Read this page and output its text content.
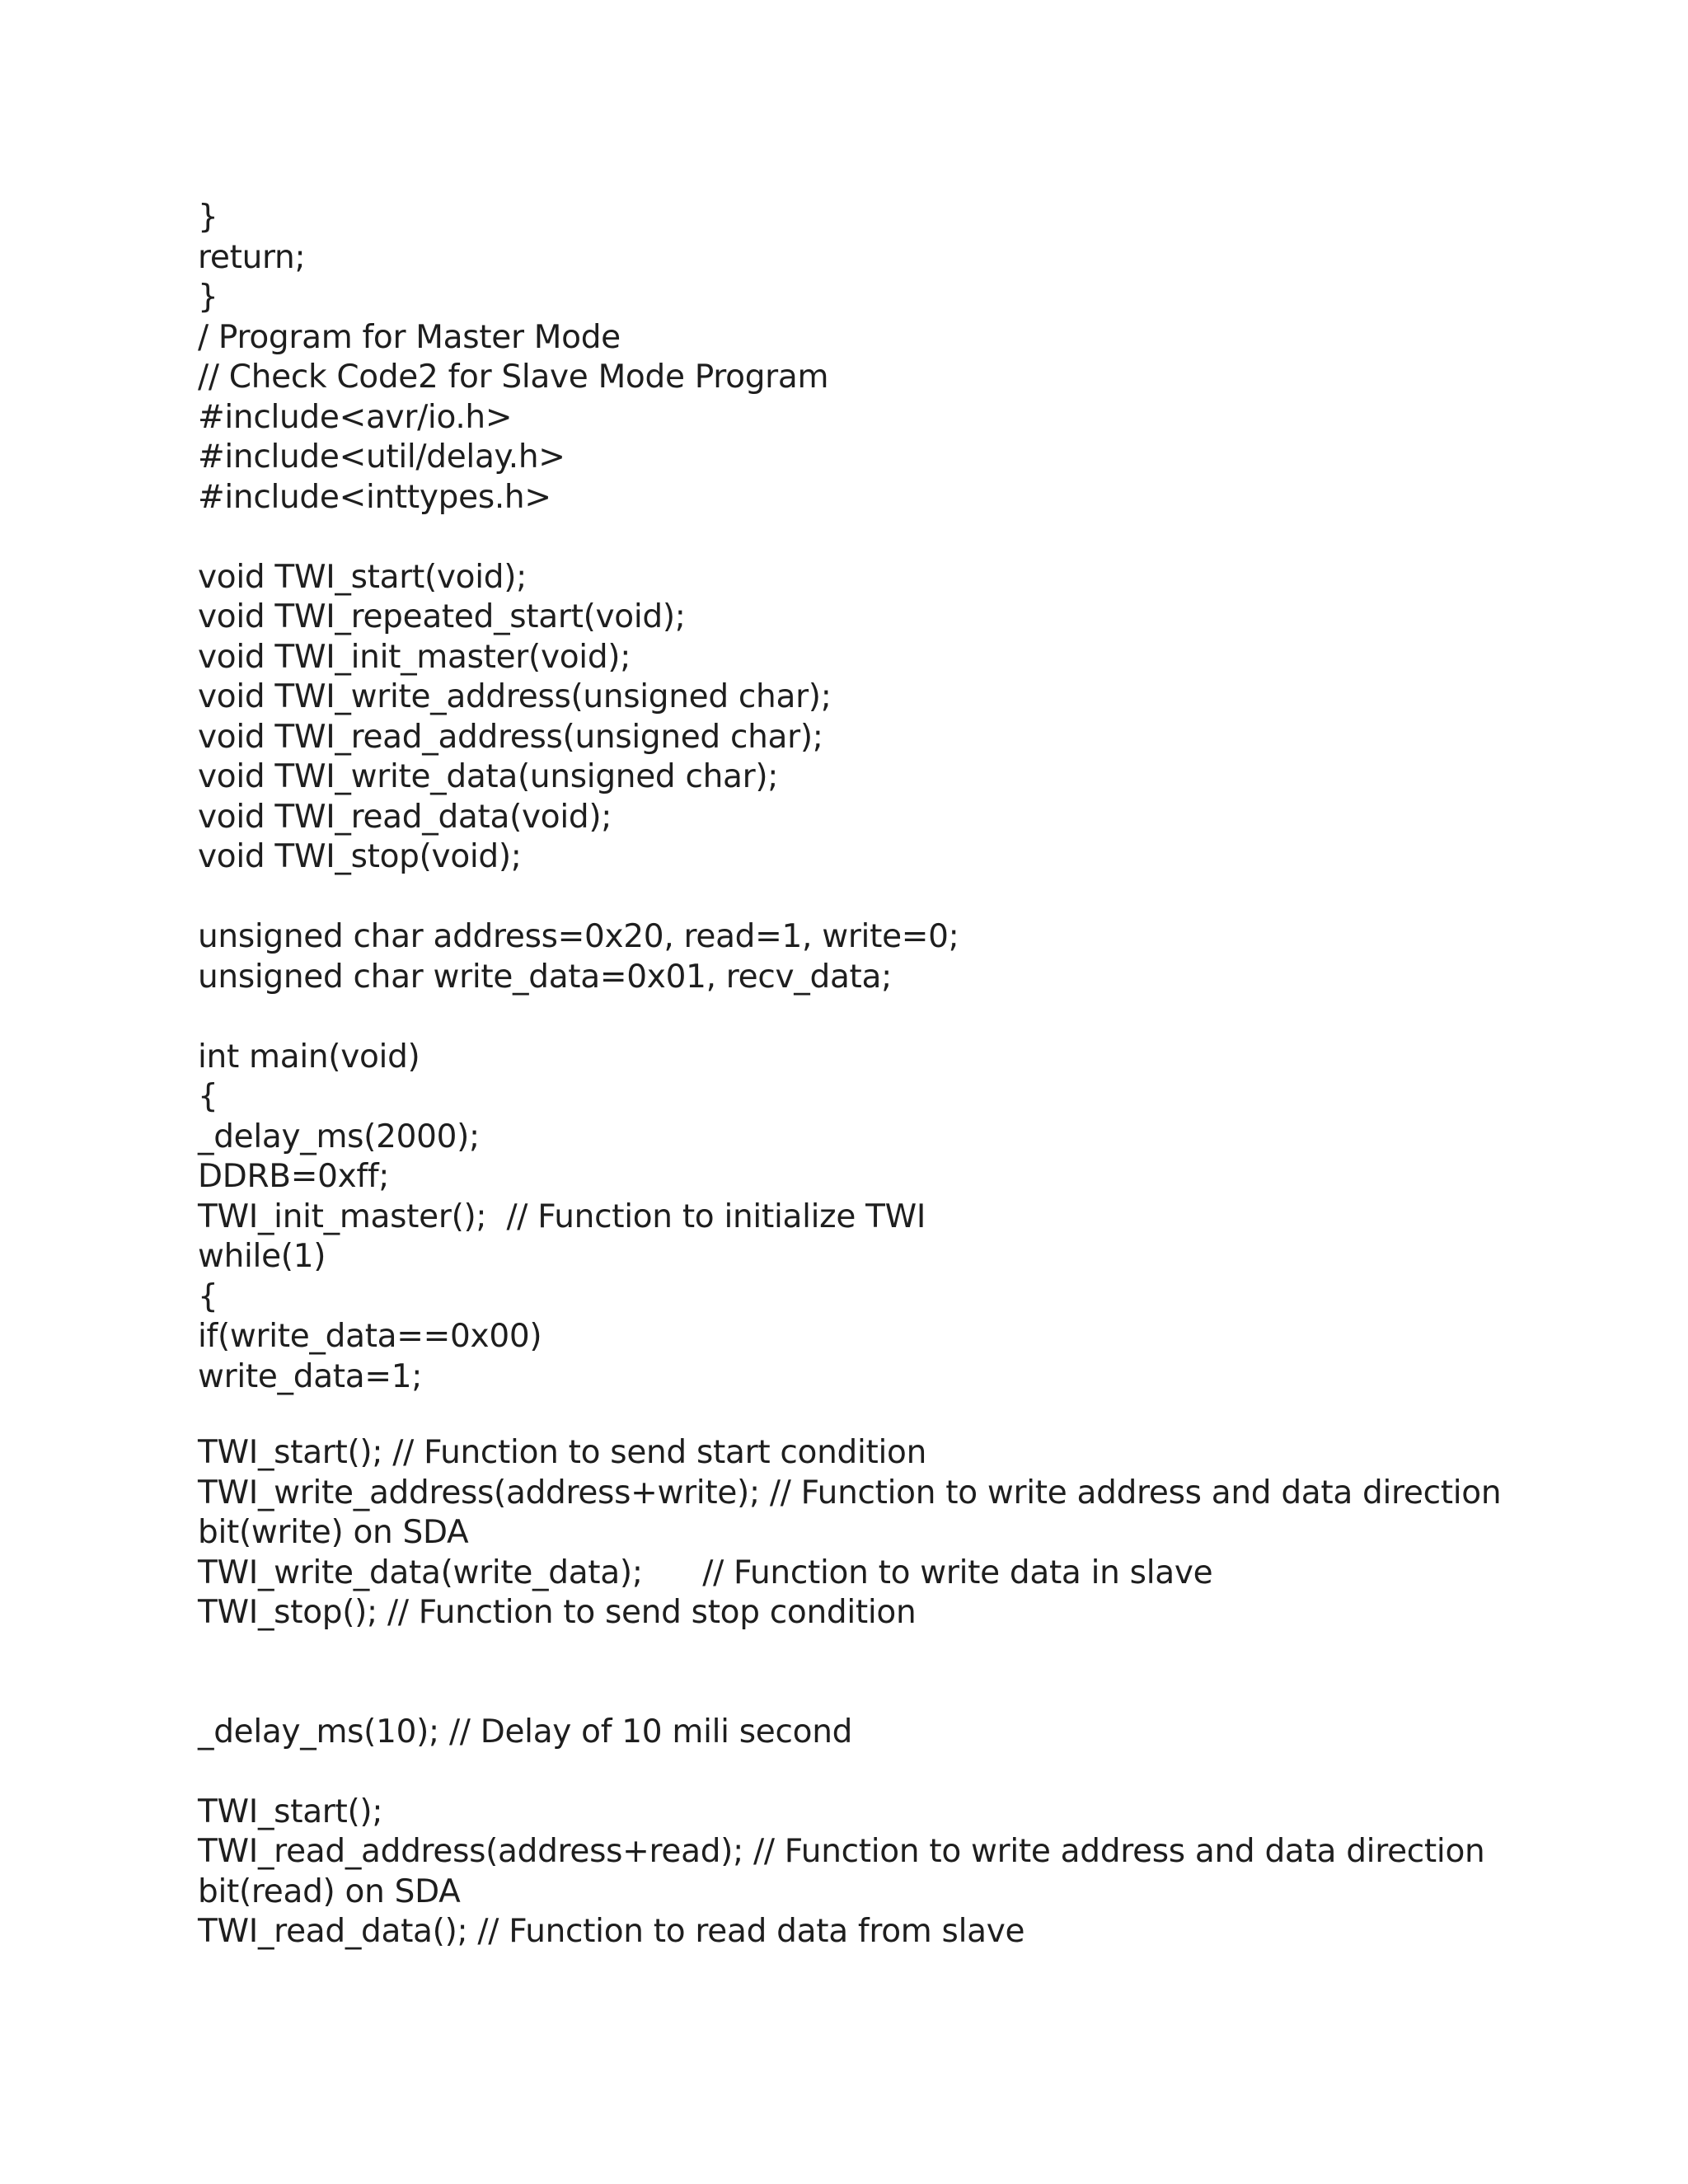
}
return;
}
/ Program for Master Mode
// Check Code2 for Slave Mode Program
#include<avr/io.h>
#include<util/delay.h>
#include<inttypes.h>
void TWI_start(void);
void TWI_repeated_start(void);
void TWI_init_master(void);
void TWI_write_address(unsigned char);
void TWI_read_address(unsigned char);
void TWI_write_data(unsigned char);
void TWI_read_data(void);
void TWI_stop(void);
unsigned char address=0x20, read=1, write=0;
unsigned char write_data=0x01, recv_data;
int main(void)
{
_delay_ms(2000);
DDRB=0xff;
TWI_init_master();  // Function to initialize TWI
while(1)
{
if(write_data==0x00)
write_data=1;
TWI_start(); // Function to send start condition
TWI_write_address(address+write); // Function to write address and data direction
bit(write) on SDA
TWI_write_data(write_data);      // Function to write data in slave
TWI_stop(); // Function to send stop condition
_delay_ms(10); // Delay of 10 mili second
TWI_start();
TWI_read_address(address+read); // Function to write address and data direction
bit(read) on SDA
TWI_read_data(); // Function to read data from slave
